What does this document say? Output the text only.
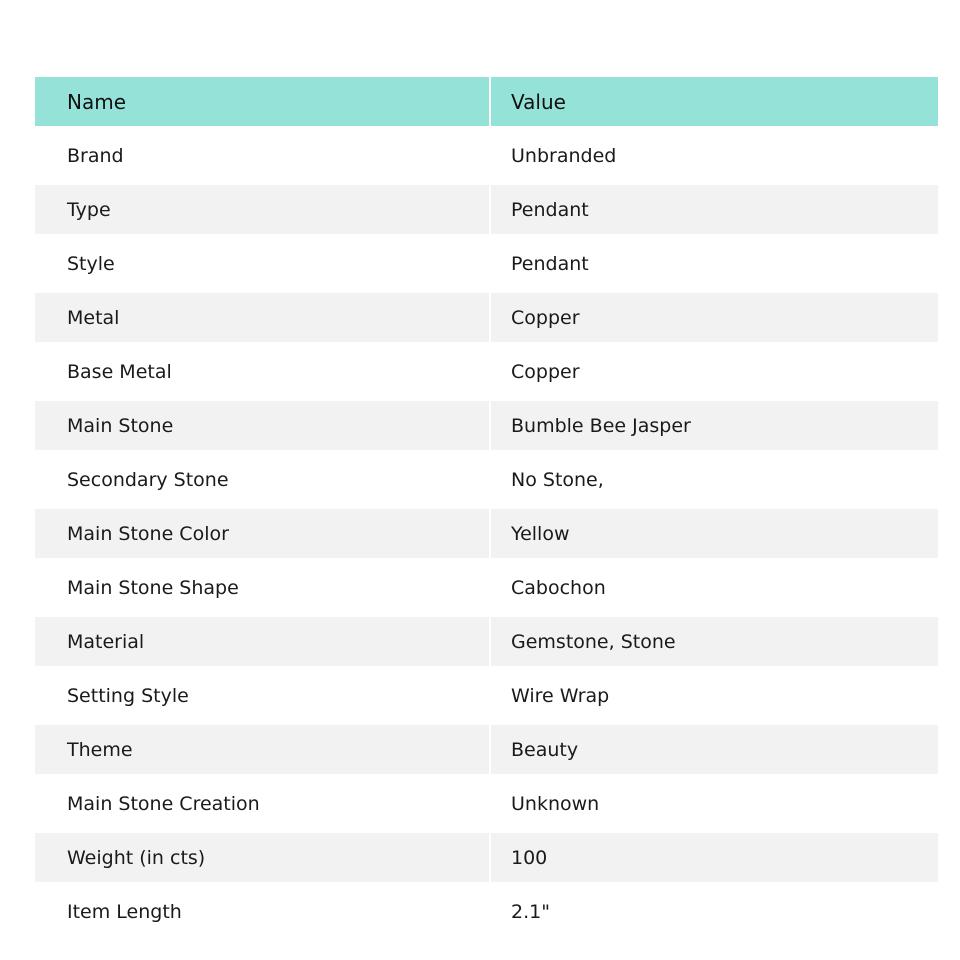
Name	Value
Brand	Unbranded
Type	Pendant
Style	Pendant
Metal	Copper
Base Metal	Copper
Main Stone	Bumble Bee Jasper
Secondary Stone	No Stone,
Main Stone Color	Yellow
Main Stone Shape	Cabochon
Material	Gemstone, Stone
Setting Style	Wire Wrap
Theme	Beauty
Main Stone Creation	Unknown
Weight (in cts)	100
Item Length	2.1"
